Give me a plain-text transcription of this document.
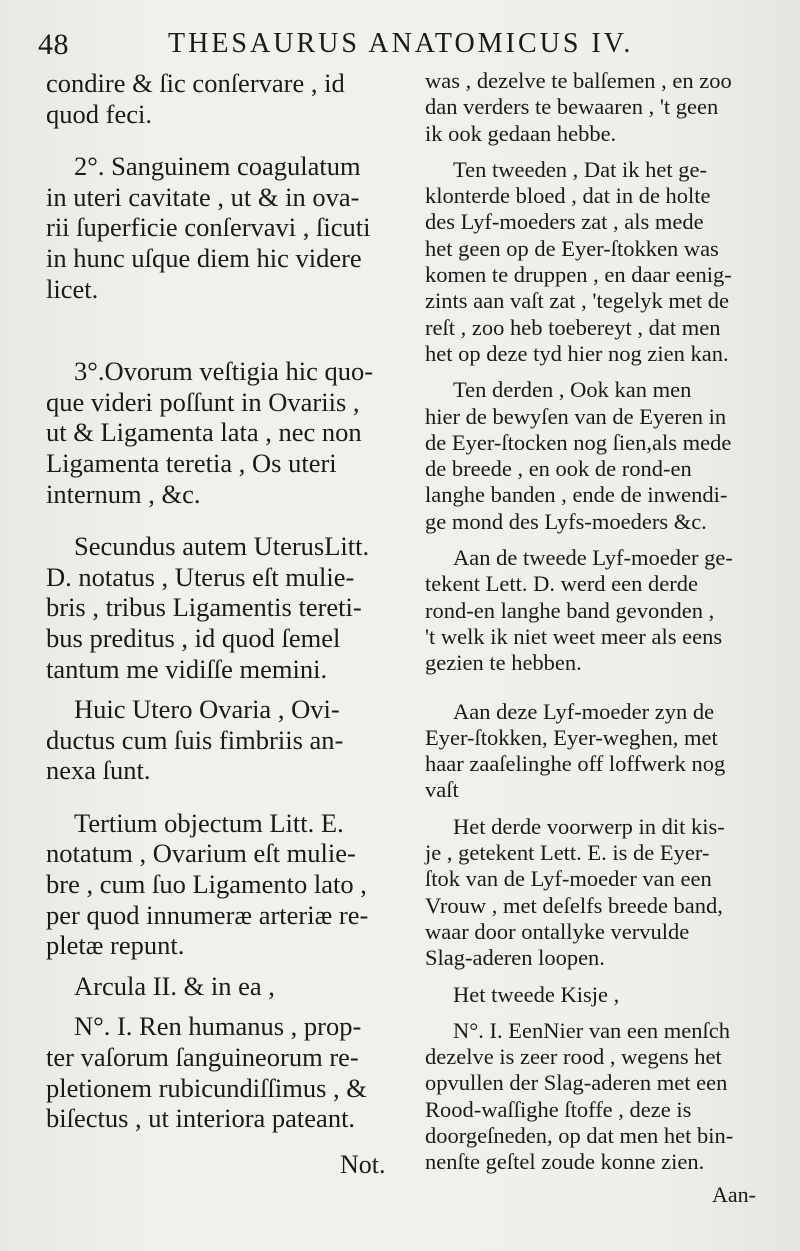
48	THESAURUS ANATOMICUS IV.

condire & ſic conſervare , id
quod feci.

2°. Sanguinem coagulatum
in uteri cavitate , ut & in ova-
rii ſuperficie conſervavi , ſicuti
in hunc uſque diem hic videre
licet.

3°.Ovorum veſtigia hic quo-
que videri poſſunt in Ovariis ,
ut & Ligamenta lata , nec non
Ligamenta teretia , Os uteri
internum , &c.

Secundus autem UterusLitt.
D. notatus , Uterus eſt mulie-
bris , tribus Ligamentis tereti-
bus preditus , id quod ſemel
tantum me vidiſſe memini.

Huic Utero Ovaria , Ovi-
ductus cum ſuis fimbriis an-
nexa ſunt.

Tertium objectum Litt. E.
notatum , Ovarium eſt mulie-
bre , cum ſuo Ligamento lato ,
per quod innumeræ arteriæ re-
pletæ repunt.

Arcula II. & in ea ,

N°. I. Ren humanus , prop-
ter vaſorum ſanguineorum re-
pletionem rubicundiſſimus , &
biſectus , ut interiora pateant.

was , dezelve te balſemen , en zoo
dan verders te bewaaren , 't geen
ik ook gedaan hebbe.

Ten tweeden , Dat ik het ge-
klonterde bloed , dat in de holte
des Lyf-moeders zat , als mede
het geen op de Eyer-ſtokken was
komen te druppen , en daar eenig-
zints aan vaſt zat , 'tegelyk met de
reſt , zoo heb toebereyt , dat men
het op deze tyd hier nog zien kan.

Ten derden , Ook kan men
hier de bewyſen van de Eyeren in
de Eyer-ſtocken nog ſien,als mede
de breede , en ook de rond-en
langhe banden , ende de inwendi-
ge mond des Lyfs-moeders &c.

Aan de tweede Lyf-moeder ge-
tekent Lett. D. werd een derde
rond-en langhe band gevonden ,
't welk ik niet weet meer als eens
gezien te hebben.

Aan deze Lyf-moeder zyn de
Eyer-ſtokken, Eyer-weghen, met
haar zaaſelinghe off loffwerk nog
vaſt

Het derde voorwerp in dit kis-
je , getekent Lett. E. is de Eyer-
ſtok van de Lyf-moeder van een
Vrouw , met deſelfs breede band,
waar door ontallyke vervulde
Slag-aderen loopen.

Het tweede Kisje ,

N°. I. EenNier van een menſch
dezelve is zeer rood , wegens het
opvullen der Slag-aderen met een
Rood-waſſighe ſtoffe , deze is
doorgeſneden, op dat men het bin-
nenſte geſtel zoude konne zien.

Not.
Aan-
